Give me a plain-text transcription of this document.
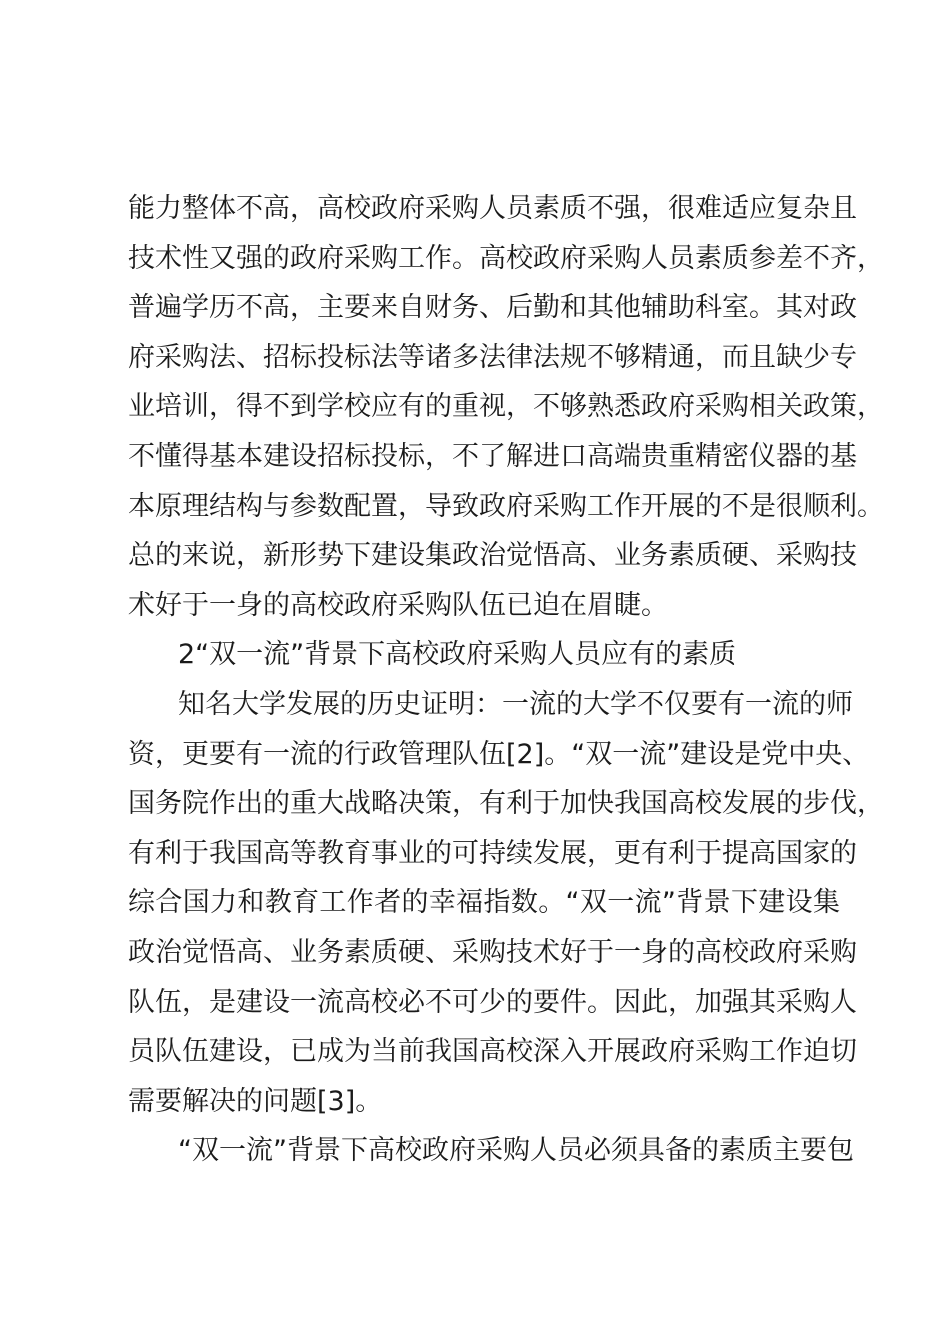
能力整体不高，高校政府采购人员素质不强，很难适应复杂且
技术性又强的政府采购工作。高校政府采购人员素质参差不齐，
普遍学历不高，主要来自财务、后勤和其他辅助科室。其对政
府采购法、招标投标法等诸多法律法规不够精通，而且缺少专
业培训，得不到学校应有的重视，不够熟悉政府采购相关政策，
不懂得基本建设招标投标，不了解进口高端贵重精密仪器的基
本原理结构与参数配置，导致政府采购工作开展的不是很顺利。
总的来说，新形势下建设集政治觉悟高、业务素质硬、采购技
术好于一身的高校政府采购队伍已迫在眉睫。
2“双一流”背景下高校政府采购人员应有的素质
知名大学发展的历史证明：一流的大学不仅要有一流的师
资，更要有一流的行政管理队伍[2]。“双一流”建设是党中央、
国务院作出的重大战略决策，有利于加快我国高校发展的步伐，
有利于我国高等教育事业的可持续发展，更有利于提高国家的
综合国力和教育工作者的幸福指数。“双一流”背景下建设集
政治觉悟高、业务素质硬、采购技术好于一身的高校政府采购
队伍，是建设一流高校必不可少的要件。因此，加强其采购人
员队伍建设，已成为当前我国高校深入开展政府采购工作迫切
需要解决的问题[3]。
“双一流”背景下高校政府采购人员必须具备的素质主要包
